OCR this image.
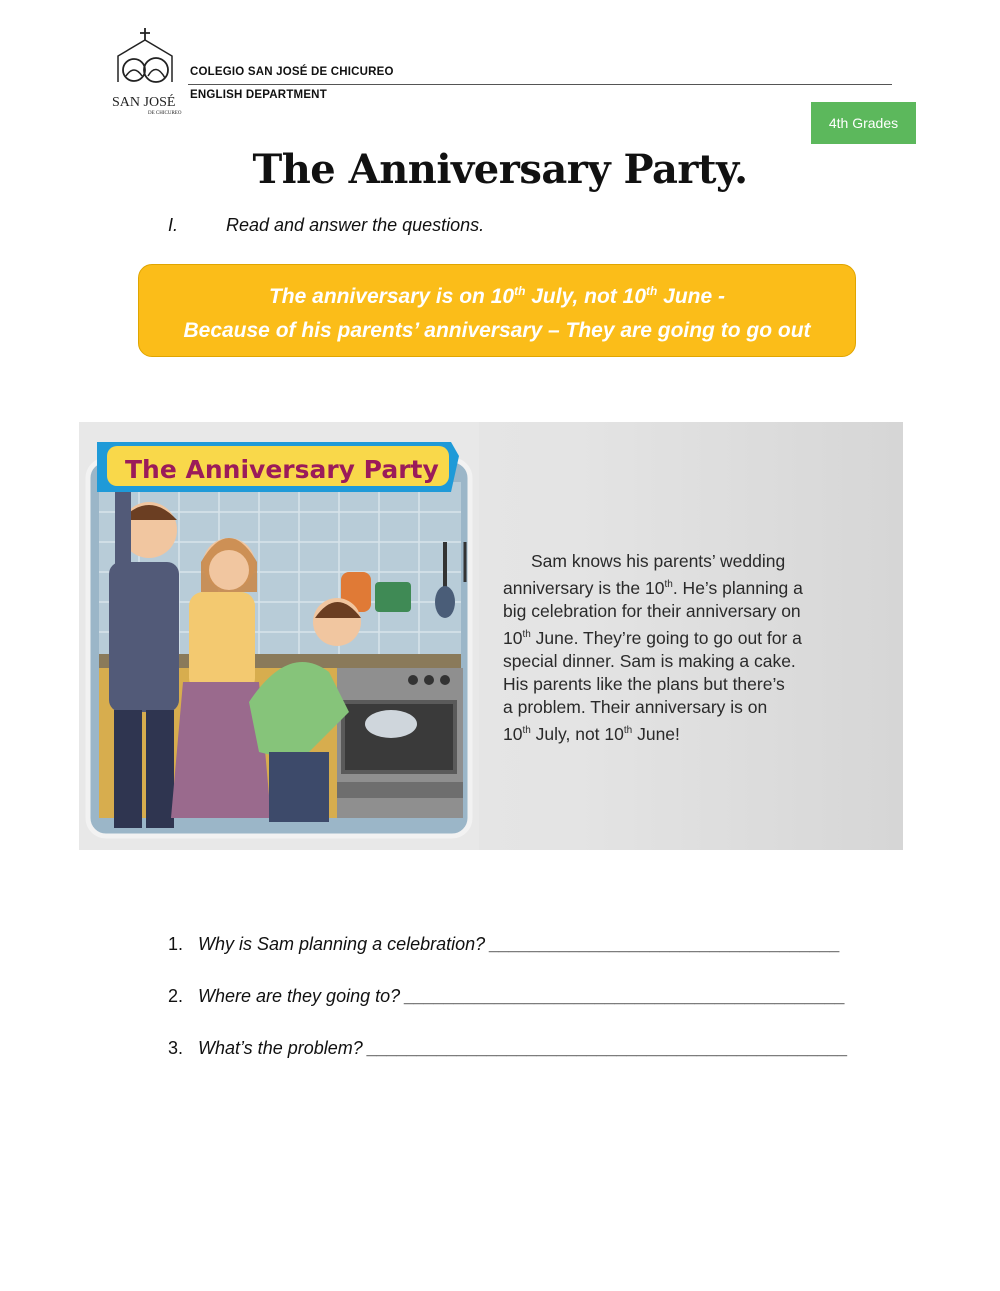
SAN JOSÉ
DE CHICUREO
COLEGIO SAN JOSÉ DE CHICUREO
ENGLISH DEPARTMENT
4th Grades
The Anniversary Party.
I.	Read and answer the questions.
The anniversary is on 10th July, not 10th June -
Because of his parents’ anniversary – They are going to go out
The Anniversary Party
Sam knows his parents’ wedding
anniversary is the 10th. He’s planning a
big celebration for their anniversary on
10th June. They’re going to go out for a
special dinner. Sam is making a cake.
His parents like the plans but there’s
a problem. Their anniversary is on
10th July, not 10th June!
1. Why is Sam planning a celebration? ___________________________________
2. Where are they going to? ____________________________________________
3. What’s the problem? ________________________________________________
